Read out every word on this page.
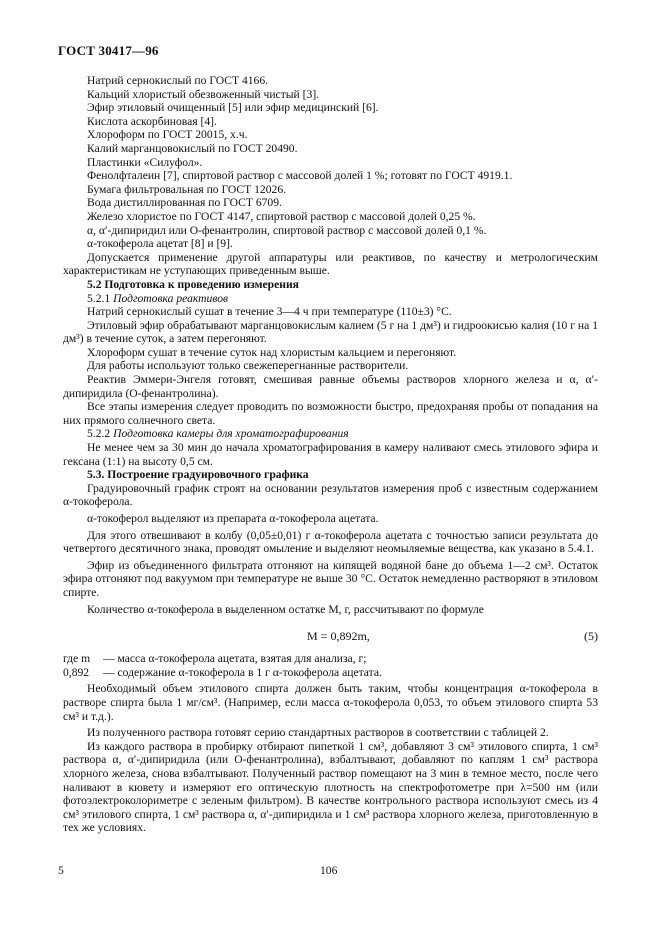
ГОСТ 30417—96

Натрий сернокислый по ГОСТ 4166.

Кальций хлористый обезвоженный чистый [3].

Эфир этиловый очищенный [5] или эфир медицинский [6].

Кислота аскорбиновая [4].

Хлороформ по ГОСТ 20015, х.ч.

Калий марганцовокислый по ГОСТ 20490.

Пластинки «Силуфол».

Фенолфталеин [7], спиртовой раствор с массовой долей 1 %; готовят по ГОСТ 4919.1.

Бумага фильтровальная по ГОСТ 12026.

Вода дистиллированная по ГОСТ 6709.

Железо хлористое по ГОСТ 4147, спиртовой раствор с массовой долей 0,25 %.

α, α′-дипиридил или О-фенантролин, спиртовой раствор с массовой долей 0,1 %.

α-токоферола ацетат [8] и [9].

Допускается применение другой аппаратуры или реактивов, по качеству и метрологическим характеристикам не уступающих приведенным выше.

5.2 Подготовка к проведению измерения

5.2.1 Подготовка реактивов

Натрий сернокислый сушат в течение 3—4 ч при температуре (110±3) °С.

Этиловый эфир обрабатывают марганцовокислым калием (5 г на 1 дм³) и гидроокисью калия (10 г на 1 дм³) в течение суток, а затем перегоняют.

Хлороформ сушат в течение суток над хлористым кальцием и перегоняют.

Для работы используют только свежеперегнанные растворители.

Реактив Эммери-Энгеля готовят, смешивая равные объемы растворов хлорного железа и α, α′-дипиридила (О-фенантролина).

Все этапы измерения следует проводить по возможности быстро, предохраняя пробы от попадания на них прямого солнечного света.

5.2.2 Подготовка камеры для хроматографирования

Не менее чем за 30 мин до начала хроматографирования в камеру наливают смесь этилового эфира и гексана (1:1) на высоту 0,5 см.

5.3. Построение градуировочного графика

Градуировочный график строят на основании результатов измерения проб с известным содержанием α-токоферола.

α-токоферол выделяют из препарата α-токоферола ацетата.

Для этого отвешивают в колбу (0,05±0,01) г α-токоферола ацетата с точностью записи результата до четвертого десятичного знака, проводят омыление и выделяют неомыляемые вещества, как указано в 5.4.1.

Эфир из объединенного фильтрата отгоняют на кипящей водяной бане до объема 1—2 см³. Остаток эфира отгоняют под вакуумом при температуре не выше 30 °С. Остаток немедленно растворяют в этиловом спирте.

Количество α-токоферола в выделенном остатке M, г, рассчитывают по формуле

M = 0,892m,	(5)

где m — масса α-токоферола ацетата, взятая для анализа, г;

0,892 — содержание α-токоферола в 1 г α-токоферола ацетата.

Необходимый объем этилового спирта должен быть таким, чтобы концентрация α-токоферола в растворе спирта была 1 мг/см³. (Например, если масса α-токоферола 0,053, то объем этилового спирта 53 см³ и т.д.).

Из полученного раствора готовят серию стандартных растворов в соответствии с таблицей 2.

Из каждого раствора в пробирку отбирают пипеткой 1 см³, добавляют 3 см³ этилового спирта, 1 см³ раствора α, α′-дипиридила (или О-фенантролина), взбалтывают, добавляют по каплям 1 см³ раствора хлорного железа, снова взбалтывают. Полученный раствор помещают на 3 мин в темное место, после чего наливают в кювету и измеряют его оптическую плотность на спектрофотометре при λ=500 нм (или фотоэлектроколориметре с зеленым фильтром). В качестве контрольного раствора используют смесь из 4 см³ этилового спирта, 1 см³ раствора α, α′-дипиридила и 1 см³ раствора хлорного железа, приготовленную в тех же условиях.

5	106
